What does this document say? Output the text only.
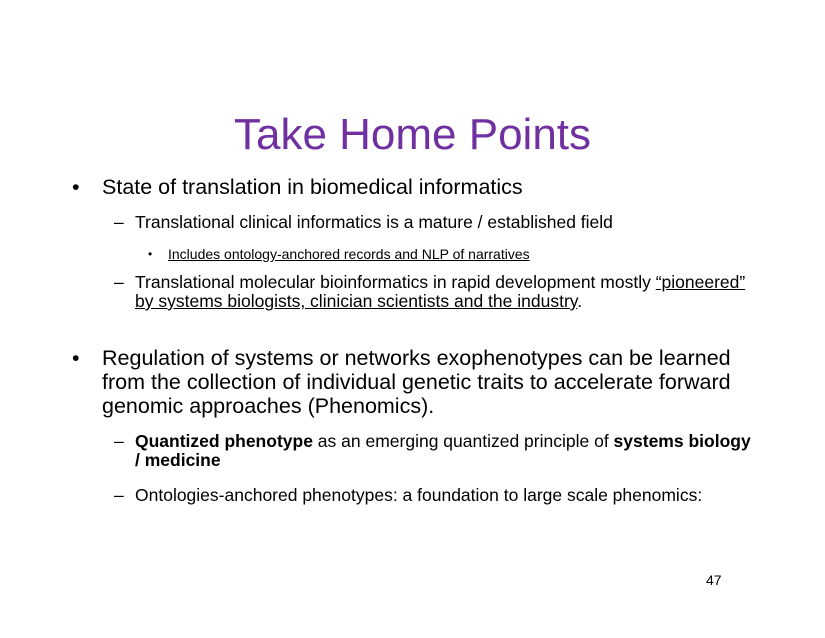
Take Home Points
• State of translation in biomedical informatics
– Translational clinical informatics is a mature / established field
• Includes ontology-anchored records and NLP of narratives
– Translational molecular bioinformatics in rapid development mostly “pioneered” by systems biologists, clinician scientists and the industry.
• Regulation of systems or networks exophenotypes can be learned from the collection of individual genetic traits to accelerate forward genomic approaches (Phenomics).
– Quantized phenotype as an emerging quantized principle of systems biology / medicine
– Ontologies-anchored phenotypes: a foundation to large scale phenomics:
47
